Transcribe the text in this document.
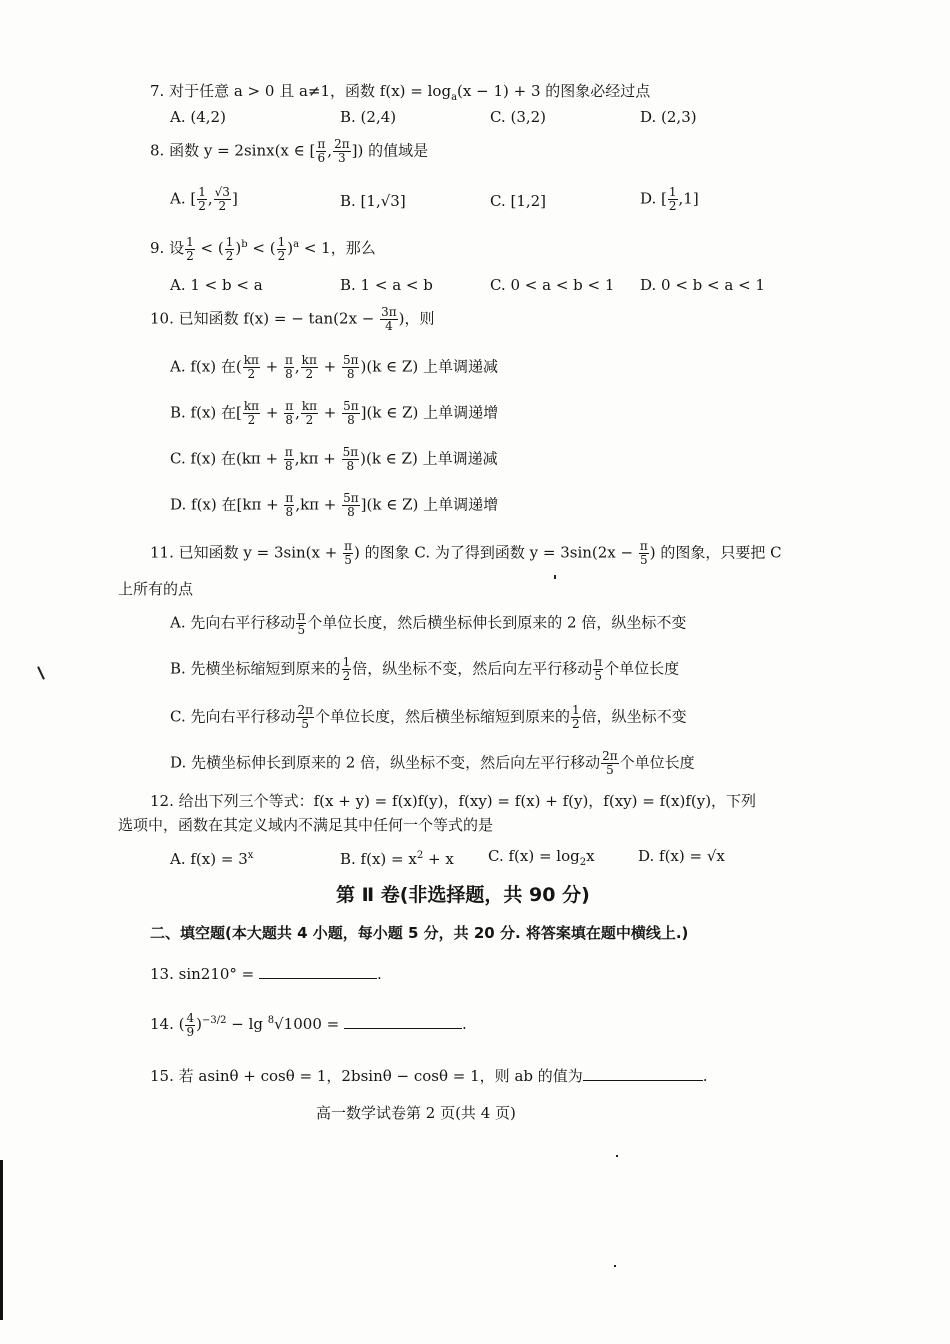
7. 对于任意 a > 0 且 a≠1，函数 $f(x) = \log_a(x - 1) + 3$ 的图象必经过点
A. (4,2)	B. (2,4)	C. (3,2)	D. (2,3)
8. 函数 y = 2sinx(x ∈ [ $\frac{\pi}{6}$ , $\frac{2\pi}{3}$ ]) 的值域是
A. [ $\frac{1}{2}$ , $\frac{√3}{2}$ ]	B. [1,√3]	C. [1,2]	D. [ $\frac{1}{2} ,1$]
9. 设 $\frac{1}{2}$ < ( $\frac{1}{2} )^b$ < ( $\frac{1}{2} )^a < 1$，那么
A. 1 < b < a	B. 1 < a < b	C. 0 < a < b < 1 D. 0 < b < a < 1
10. 已知函数 f(x) = − $\tan(2x - \frac{3\pi}{4}$ )，则
A. f(x) 在( $\frac{k\pi}{2} + \frac{\pi}{8}$ , $\frac{k\pi}{2} + \frac{5\pi}{8} )(k$ ∈ Z) 上单调递减
B. f(x) 在[ $\frac{k\pi}{2} + \frac{\pi}{8}$ , $\frac{k\pi}{2} + \frac{5\pi}{8} ](k$ ∈ Z) 上单调递增
C. f(x) 在$(k\pi + \frac{\pi}{8} ,k\pi + \frac{5\pi}{8} )(k$ ∈ Z) 上单调递减
D. f(x) 在$[k\pi + \frac{\pi}{8} ,k\pi + \frac{5\pi}{8} ](k$ ∈ Z) 上单调递增
11. 已知函数 $y = 3\sin(x + \frac{\pi}{5}$ ) 的图象 C. 为了得到函数 $y = 3\sin(2x - \frac{\pi}{5}$ ) 的图象，只要把 C
上所有的点
A. 先向右平行移动 $\frac{\pi}{5}$ 个单位长度，然后横坐标伸长到原来的 2 倍，纵坐标不变
B. 先横坐标缩短到原来的 $\frac{1}{2}$ 倍，纵坐标不变，然后向左平行移动 $\frac{\pi}{5}$ 个单位长度
C. 先向右平行移动 $\frac{2\pi}{5}$ 个单位长度，然后横坐标缩短到原来的 $\frac{1}{2}$ 倍，纵坐标不变
D. 先横坐标伸长到原来的 2 倍，纵坐标不变，然后向左平行移动 $\frac{2\pi}{5}$ 个单位长度
12. 给出下列三个等式：f(x + y) = f(x)f(y)，f(xy) = f(x) + f(y)，f(xy) = f(x)f(y)，下列
选项中，函数在其定义域内不满足其中任何一个等式的是
A. $f(x) = 3^x$	B. $f(x) = x^2 + x$ C. $f(x) = \log_2x$	D. f(x) = √x
第 Ⅱ 卷(非选择题，共 90 分)
二、填空题(本大题共 4 小题，每小题 5 分，共 20 分. 将答案填在题中横线上.)
13. sin210° =	.
14. ( $\frac{4}{9} )^{-3/2} - \lg ^8√1000$ =	.
15. 若 asinθ + cosθ = 1，2bsinθ − cosθ = 1，则 ab 的值为	.
高一数学试卷第 2 页(共 4 页)
